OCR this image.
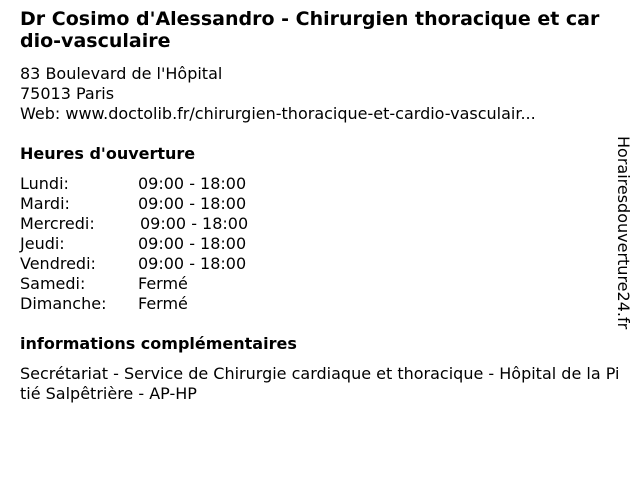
Dr Cosimo d'Alessandro - Chirurgien thoracique et cardio-vasculaire
83 Boulevard de l'Hôpital
75013 Paris
Web: www.doctolib.fr/chirurgien-thoracique-et-cardio-vasculair...
Heures d'ouverture
Lundi:	09:00 - 18:00
Mardi:	09:00 - 18:00
Mercredi:	09:00 - 18:00
Jeudi:	09:00 - 18:00
Vendredi:	09:00 - 18:00
Samedi:	Fermé
Dimanche: Fermé
informations complémentaires
Secrétariat - Service de Chirurgie cardiaque et thoracique - Hôpital de la Pitié Salpêtrière - AP-HP
Horairesdouverture24.fr
